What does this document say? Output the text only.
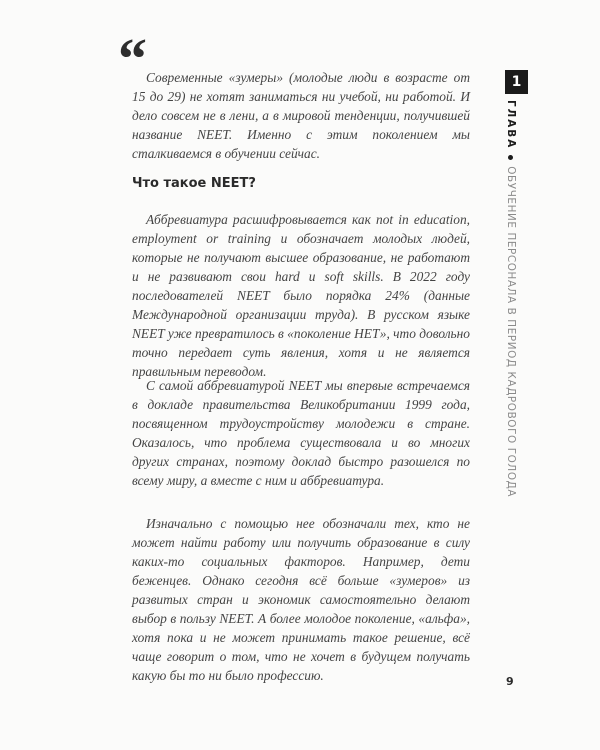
“ Современные «зумеры» (молодые люди в возрасте от 15 до 29) не хотят заниматься ни учебой, ни работой. И дело совсем не в лени, а в мировой тенденции, получившей название NEET. Именно с этим поколением мы сталкиваемся в обучении сейчас.

Что такое NEET?

Аббревиатура расшифровывается как not in education, employment or training и обозначает молодых людей, которые не получают высшее образование, не работают и не развивают свои hard и soft skills. В 2022 году последователей NEET было порядка 24% (данные Международной организации труда). В русском языке NEET уже превратилось в «поколение НЕТ», что довольно точно передает суть явления, хотя и не является правильным переводом.

С самой аббревиатурой NEET мы впервые встречаемся в докладе правительства Великобритании 1999 года, посвященном трудоустройству молодежи в стране. Оказалось, что проблема существовала и во многих других странах, поэтому доклад быстро разошелся по всему миру, а вместе с ним и аббревиатура.

Изначально с помощью нее обозначали тех, кто не может найти работу или получить образование в силу каких-то социальных факторов. Например, дети беженцев. Однако сегодня всё больше «зумеров» из развитых стран и экономик самостоятельно делают выбор в пользу NEET. А более молодое поколение, «альфа», хотя пока и не может принимать такое решение, всё чаще говорит о том, что не хочет в будущем получать какую бы то ни было профессию.

1
ГЛАВАОБУЧЕНИЕ ПЕРСОНАЛА В ПЕРИОД КАДРОВОГО ГОЛОДА
9
